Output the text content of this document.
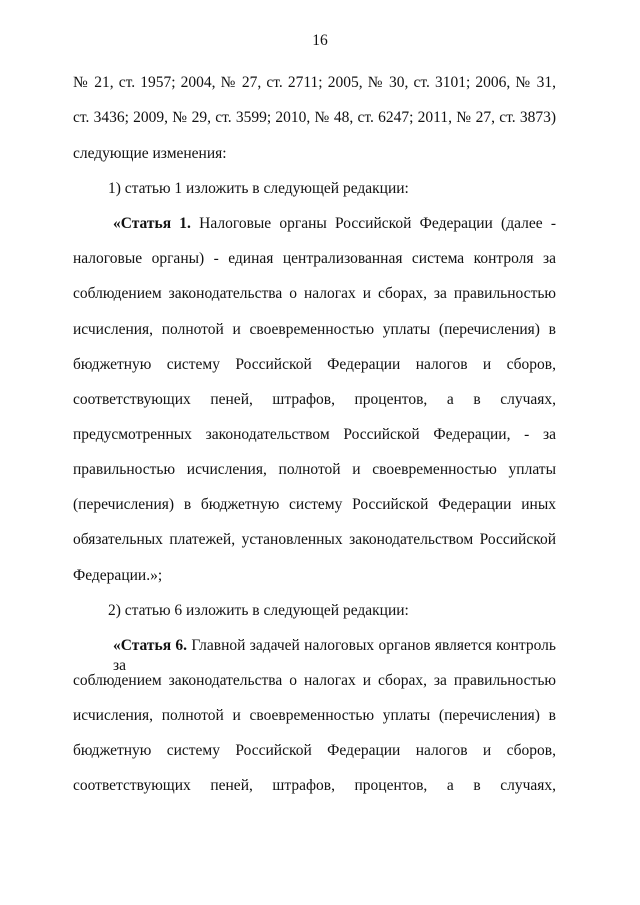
16
№ 21, ст. 1957; 2004, № 27, ст. 2711; 2005, № 30, ст. 3101; 2006, № 31,
ст. 3436; 2009, № 29, ст. 3599; 2010, № 48, ст. 6247; 2011, № 27, ст. 3873)
следующие изменения:
1) статью 1 изложить в следующей редакции:
«Статья 1. Налоговые органы Российской Федерации (далее -
налоговые органы) - единая централизованная система контроля за
соблюдением законодательства о налогах и сборах, за правильностью
исчисления, полнотой и своевременностью уплаты (перечисления) в
бюджетную систему Российской Федерации налогов и сборов,
соответствующих пеней, штрафов, процентов, а в случаях,
предусмотренных законодательством Российской Федерации, - за
правильностью исчисления, полнотой и своевременностью уплаты
(перечисления) в бюджетную систему Российской Федерации иных
обязательных платежей, установленных законодательством Российской
Федерации.»;
2) статью 6 изложить в следующей редакции:
«Статья 6. Главной задачей налоговых органов является контроль за
соблюдением законодательства о налогах и сборах, за правильностью
исчисления, полнотой и своевременностью уплаты (перечисления) в
бюджетную систему Российской Федерации налогов и сборов,
соответствующих пеней, штрафов, процентов, а в случаях,
